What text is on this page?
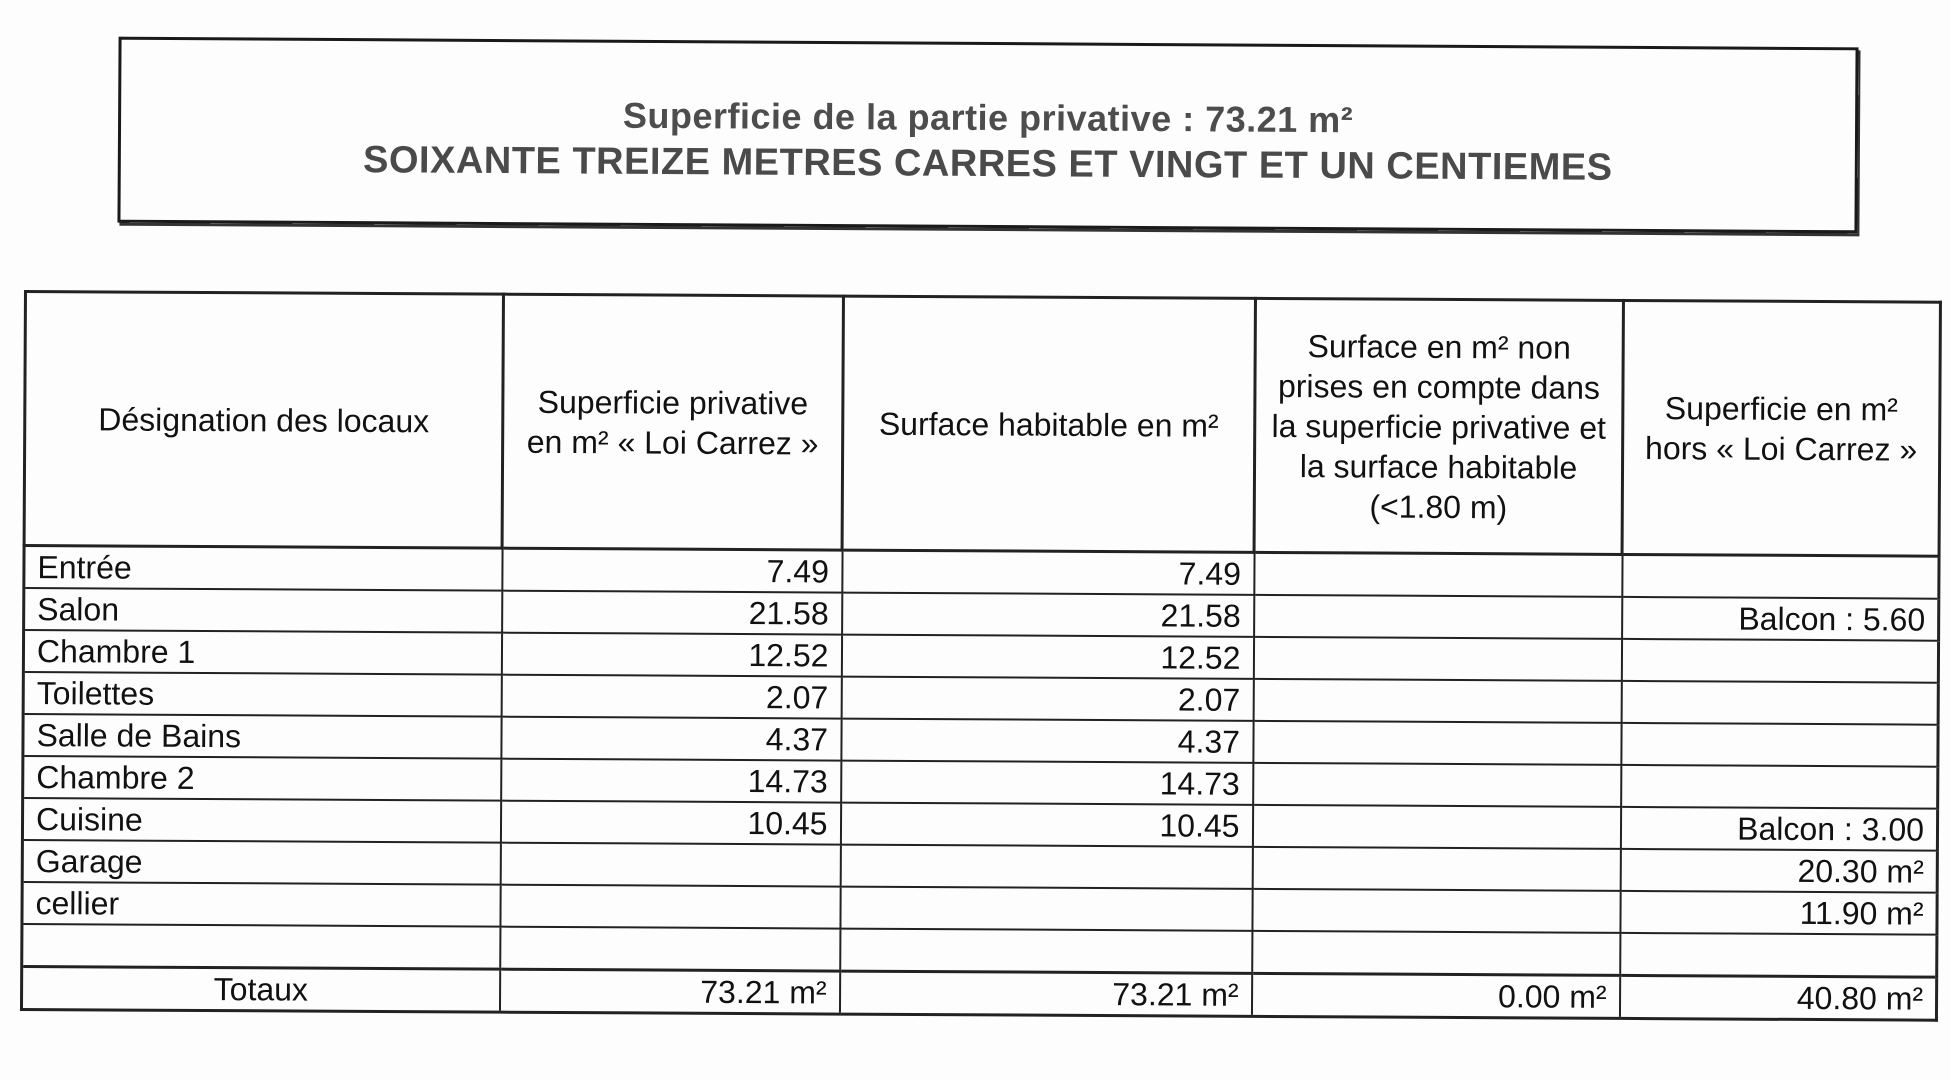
Superficie de la partie privative : 73.21 m²
SOIXANTE TREIZE METRES CARRES ET VINGT ET UN CENTIEMES
Désignation des locaux	Superficie privative en m² « Loi Carrez »	Surface habitable en m²	Surface en m² non prises en compte dans la superficie privative et la surface habitable (<1.80 m)	Superficie en m² hors « Loi Carrez »
Entrée	7.49	7.49		
Salon	21.58	21.58		Balcon : 5.60
Chambre 1	12.52	12.52		
Toilettes	2.07	2.07		
Salle de Bains	4.37	4.37		
Chambre 2	14.73	14.73		
Cuisine	10.45	10.45		Balcon : 3.00
Garage				20.30 m²
cellier				11.90 m²

Totaux	73.21 m²	73.21 m²	0.00 m²	40.80 m²
